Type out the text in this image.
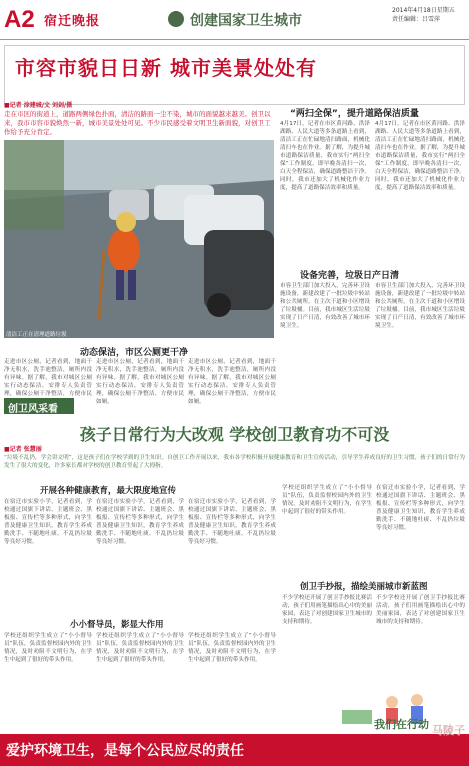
A2 宿迁晚报	创建国家卫生城市
2014年4月18日星期五
责任编辑：吕雪萍
市容市貌日日新 城市美景处处有
■记者 涂建城/文 刘剑/摄
走在市区的街道上，道路两侧绿色扑面，清洁的路面一尘不染，城市的面貌越来越美。创卫以来，我市市容市貌焕然一新，城市美景处处可见。不少市民感受着文明卫生新面貌，对创卫工作给予充分肯定。
清洁工正在清理道路垃圾
“两扫全保”，提升道路保洁质量
4月17日，记者在市区黄河路、洪泽湖路、人民大道等多条道路上看到，清洁工正在忙碌地清扫路面，机械化清扫车也在作业。据了解，为提升城市道路保洁质量，我市实行“两扫全保”工作制度，即早晚各清扫一次，白天全程保洁，确保道路整洁干净。同时，我市还加大了机械化作业力度，提高了道路保洁效率和质量。
4月17日，记者在市区黄河路、洪泽湖路、人民大道等多条道路上看到，清洁工正在忙碌地清扫路面，机械化清扫车也在作业。据了解，为提升城市道路保洁质量，我市实行“两扫全保”工作制度，即早晚各清扫一次，白天全程保洁，确保道路整洁干净。同时，我市还加大了机械化作业力度，提高了道路保洁效率和质量。
设备完善，垃圾日产日清
市容卫生部门加大投入，完善环卫设施设备，新建改建了一批垃圾中转站和公共厕所，在主次干道和小区增设了垃圾桶。目前，我市城区生活垃圾实现了日产日清，有效改善了城市环境卫生。
市容卫生部门加大投入，完善环卫设施设备，新建改建了一批垃圾中转站和公共厕所，在主次干道和小区增设了垃圾桶。目前，我市城区生活垃圾实现了日产日清，有效改善了城市环境卫生。
动态保洁，市区公厕更干净
走进市区公厕，记者看到，地面干净无积水，洗手池整洁，厕所内没有异味。据了解，我市对城区公厕实行动态保洁，安排专人负责管理，确保公厕干净整洁，方便市民
走进市区公厕，记者看到，地面干净无积水，洗手池整洁，厕所内没有异味。据了解，我市对城区公厕实行动态保洁，安排专人负责管理，确保公厕干净整洁，方便市民如厕。
走进市区公厕，记者看到，地面干净无积水，洗手池整洁，厕所内没有异味。据了解，我市对城区公厕实行动态保洁，安排专人负责管理，确保公厕干净整洁，方便市民如厕。
创卫风采看
孩子日常行为大改观 学校创卫教育功不可没
■记者 张慧丽
“垃圾不乱扔，学会讲文明”，这是孩子们在学校学到的卫生知识。自创卫工作开展以来，我市各学校积极开展健康教育和卫生宣传活动，引导学生养成良好的卫生习惯，孩子们的日常行为发生了很大的变化，许多家长都对学校的创卫教育竖起了大拇指。
开展各种健康教育，最大限度地宣传
在宿迁市实验小学，记者看到，学校通过国旗下讲话、主题班会、黑板报、宣传栏等多种形式，向学生普及健康卫生知识，教育学生养成勤洗手、不随地吐痰、不乱扔垃圾等良好习惯。
在宿迁市实验小学，记者看到，学校通过国旗下讲话、主题班会、黑板报、宣传栏等多种形式，向学生普及健康卫生知识，教育学生养成勤洗手、不随地吐痰、不乱扔垃圾等良好习惯。
在宿迁市实验小学，记者看到，学校通过国旗下讲话、主题班会、黑板报、宣传栏等多种形式，向学生普及健康卫生知识，教育学生养成勤洗手、不随地吐痰、不乱扔垃圾等良好习惯。
小小督导员，影显大作用
学校还组织学生成立了“小小督导员”队伍，负责监督校园内外的卫生情况，及时劝阻不文明行为，在学生中起到了很好的带头作用。
学校还组织学生成立了“小小督导员”队伍，负责监督校园内外的卫生情况，及时劝阻不文明行为，在学生中起到了很好的带头作用。
学校还组织学生成立了“小小督导员”队伍，负责监督校园内外的卫生情况，及时劝阻不文明行为，在学生中起到了很好的带头作用。
学校还组织学生成立了“小小督导员”队伍，负责监督校园内外的卫生情况，及时劝阻不文明行为，在学生中起到了很好的带头作用。
在宿迁市实验小学，记者看到，学校通过国旗下讲话、主题班会、黑板报、宣传栏等多种形式，向学生普及健康卫生知识，教育学生养成勤洗手、不随地吐痰、不乱扔垃圾等良好习惯。
创卫手抄报，描绘美丽城市新蓝图
不少学校还开展了创卫手抄报比赛活动，孩子们用画笔描绘出心中的美丽家园，表达了对创建国家卫生城市的支持和期待。
不少学校还开展了创卫手抄报比赛活动，孩子们用画笔描绘出心中的美丽家园，表达了对创建国家卫生城市的支持和期待。
我们在行动
爱护环境卫生，是每个公民应尽的责任
马陵子
www.sqmlzx.net
